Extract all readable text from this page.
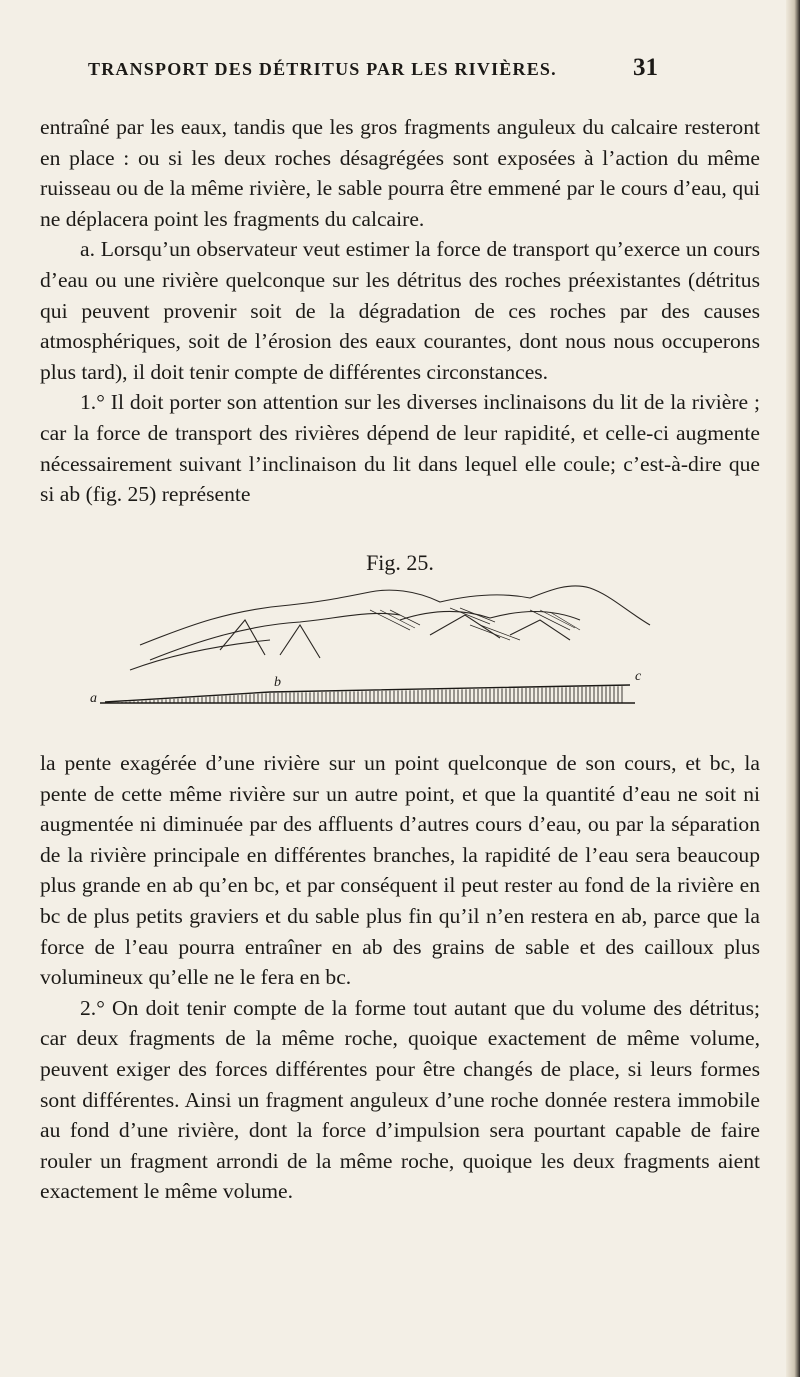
TRANSPORT DES DÉTRITUS PAR LES RIVIÈRES.	31

entraîné par les eaux, tandis que les gros fragments anguleux du calcaire resteront en place : ou si les deux roches désagrégées sont exposées à l’action du même ruisseau ou de la même rivière, le sable pourra être emmené par le cours d’eau, qui ne déplacera point les fragments du calcaire.

a. Lorsqu’un observateur veut estimer la force de transport qu’exerce un cours d’eau ou une rivière quelconque sur les détritus des roches préexistantes (détritus qui peuvent provenir soit de la dégradation de ces roches par des causes atmosphériques, soit de l’érosion des eaux courantes, dont nous nous occuperons plus tard), il doit tenir compte de différentes circonstances.

1.° Il doit porter son attention sur les diverses inclinaisons du lit de la rivière ; car la force de transport des rivières dépend de leur rapidité, et celle-ci augmente nécessairement suivant l’inclinaison du lit dans lequel elle coule; c’est-à-dire que si ab (fig. 25) représente

Fig. 25.
a
b	c

la pente exagérée d’une rivière sur un point quelconque de son cours, et bc, la pente de cette même rivière sur un autre point, et que la quantité d’eau ne soit ni augmentée ni diminuée par des affluents d’autres cours d’eau, ou par la séparation de la rivière principale en différentes branches, la rapidité de l’eau sera beaucoup plus grande en ab qu’en bc, et par conséquent il peut rester au fond de la rivière en bc de plus petits graviers et du sable plus fin qu’il n’en restera en ab, parce que la force de l’eau pourra entraîner en ab des grains de sable et des cailloux plus volumineux qu’elle ne le fera en bc.

2.° On doit tenir compte de la forme tout autant que du volume des détritus; car deux fragments de la même roche, quoique exactement de même volume, peuvent exiger des forces différentes pour être changés de place, si leurs formes sont différentes. Ainsi un fragment anguleux d’une roche donnée restera immobile au fond d’une rivière, dont la force d’impulsion sera pourtant capable de faire rouler un fragment arrondi de la même roche, quoique les deux fragments aient exactement le même volume.
